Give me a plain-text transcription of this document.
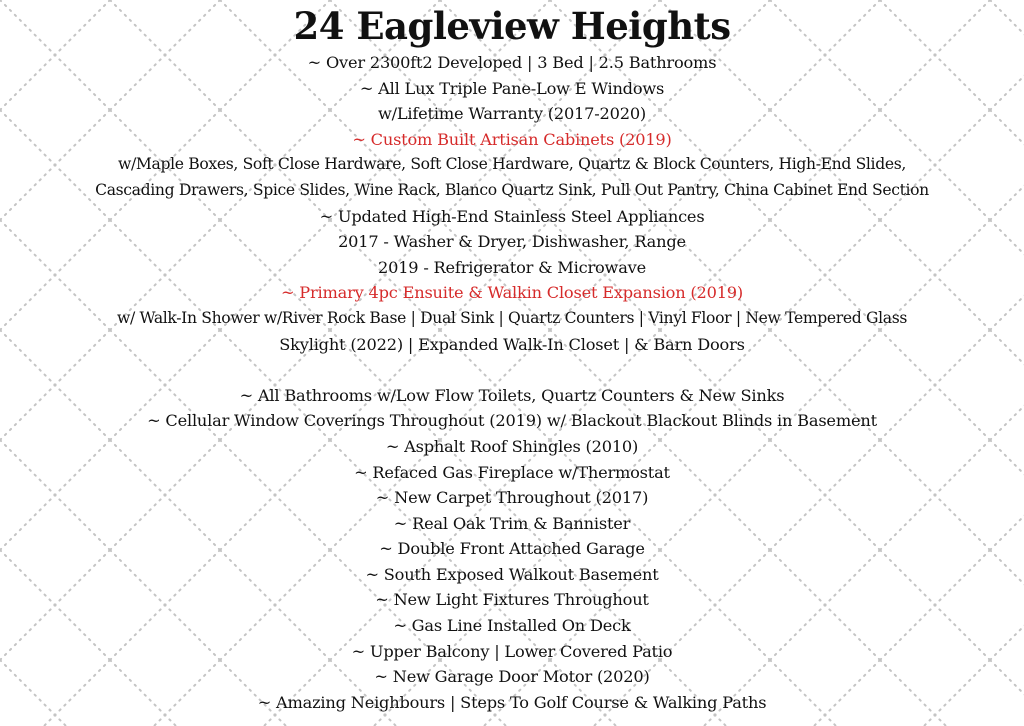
24 Eagleview Heights
~ Over 2300ft2 Developed | 3 Bed | 2.5 Bathrooms
~ All Lux Triple Pane-Low E Windows
w/Lifetime Warranty (2017-2020)
~ Custom Built Artisan Cabinets (2019)
w/Maple Boxes, Soft Close Hardware, Soft Close Hardware, Quartz & Block Counters, High-End Slides,
Cascading Drawers, Spice Slides, Wine Rack, Blanco Quartz Sink, Pull Out Pantry, China Cabinet End Section
~ Updated High-End Stainless Steel Appliances
2017 - Washer & Dryer, Dishwasher, Range
2019 - Refrigerator & Microwave
~ Primary 4pc Ensuite & Walkin Closet Expansion (2019)
w/ Walk-In Shower w/River Rock Base | Dual Sink | Quartz Counters | Vinyl Floor | New Tempered Glass
Skylight (2022) | Expanded Walk-In Closet | & Barn Doors
~ All Bathrooms w/Low Flow Toilets, Quartz Counters & New Sinks
~ Cellular Window Coverings Throughout (2019) w/ Blackout Blackout Blinds in Basement
~ Asphalt Roof Shingles (2010)
~ Refaced Gas Fireplace w/Thermostat
~ New Carpet Throughout (2017)
~ Real Oak Trim & Bannister
~ Double Front Attached Garage
~ South Exposed Walkout Basement
~ New Light Fixtures Throughout
~ Gas Line Installed On Deck
~ Upper Balcony | Lower Covered Patio
~ New Garage Door Motor (2020)
~ Amazing Neighbours | Steps To Golf Course & Walking Paths
